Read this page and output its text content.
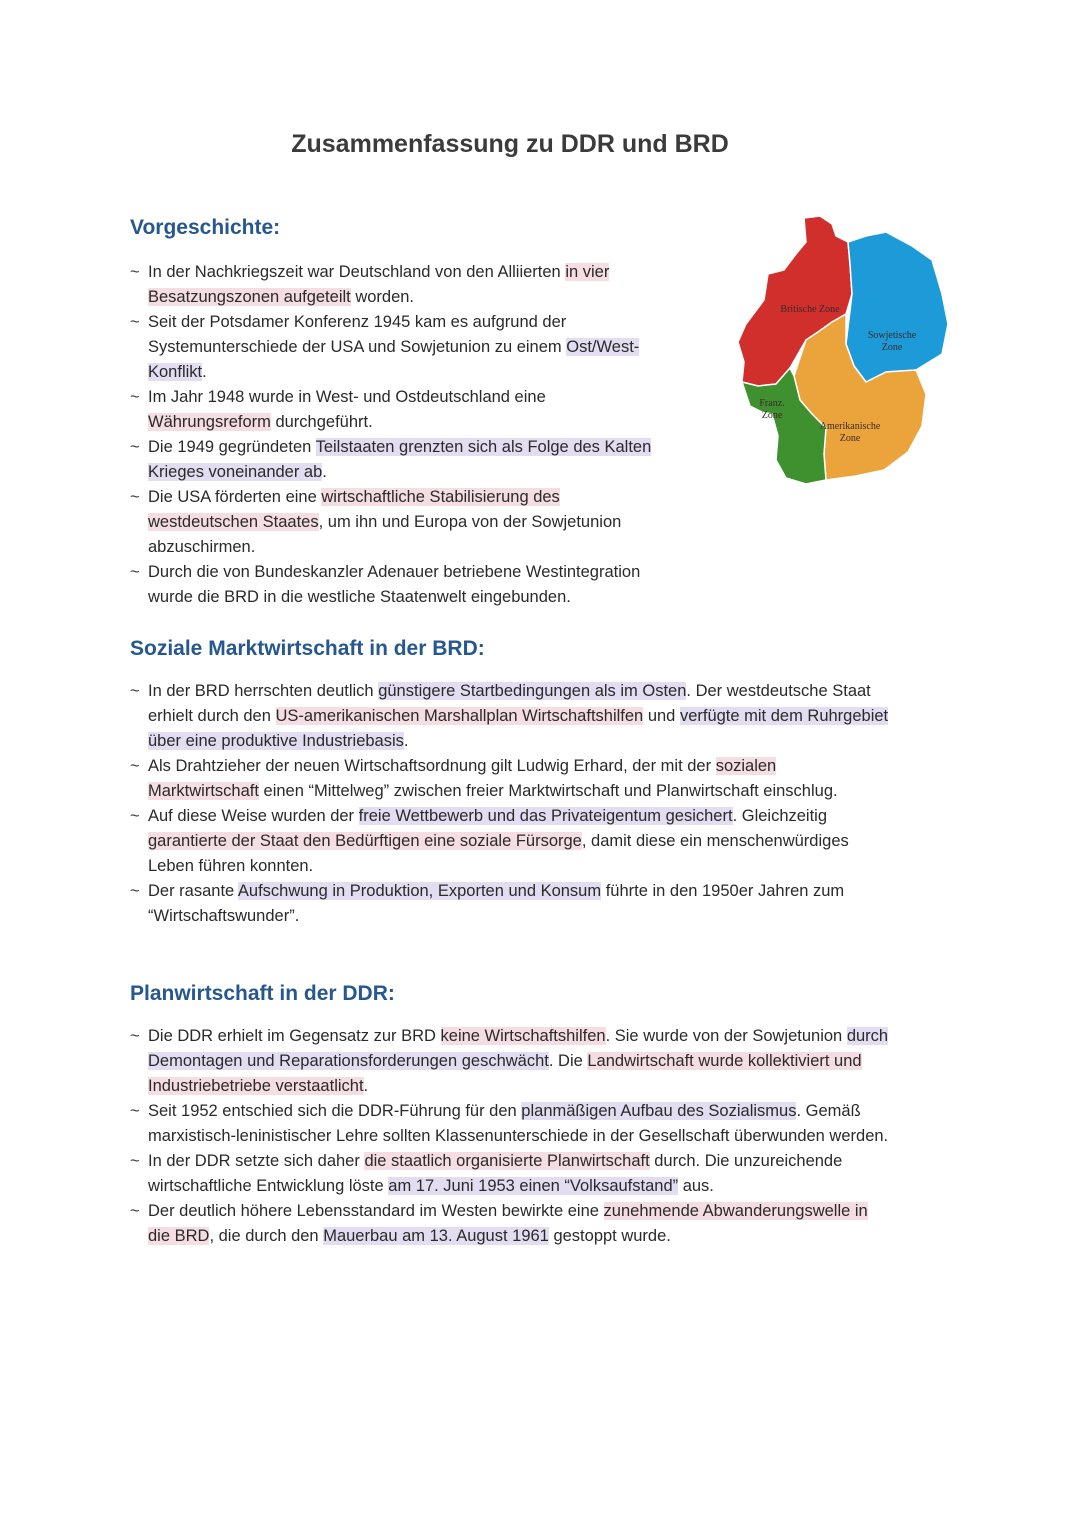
Zusammenfassung zu DDR und BRD
Vorgeschichte:
~ In der Nachkriegszeit war Deutschland von den Alliierten in vier Besatzungszonen aufgeteilt worden.
~ Seit der Potsdamer Konferenz 1945 kam es aufgrund der Systemunterschiede der USA und Sowjetunion zu einem Ost/West-Konflikt.
~ Im Jahr 1948 wurde in West- und Ostdeutschland eine Währungsreform durchgeführt.
~ Die 1949 gegründeten Teilstaaten grenzten sich als Folge des Kalten Krieges voneinander ab.
~ Die USA förderten eine wirtschaftliche Stabilisierung des westdeutschen Staates, um ihn und Europa von der Sowjetunion abzuschirmen.
~ Durch die von Bundeskanzler Adenauer betriebene Westintegration wurde die BRD in die westliche Staatenwelt eingebunden.
Soziale Marktwirtschaft in der BRD:
~ In der BRD herrschten deutlich günstigere Startbedingungen als im Osten. Der westdeutsche Staat erhielt durch den US-amerikanischen Marshallplan Wirtschaftshilfen und verfügte mit dem Ruhrgebiet über eine produktive Industriebasis.
~ Als Drahtzieher der neuen Wirtschaftsordnung gilt Ludwig Erhard, der mit der sozialen Marktwirtschaft einen “Mittelweg” zwischen freier Marktwirtschaft und Planwirtschaft einschlug.
~ Auf diese Weise wurden der freie Wettbewerb und das Privateigentum gesichert. Gleichzeitig garantierte der Staat den Bedürftigen eine soziale Fürsorge, damit diese ein menschenwürdiges Leben führen konnten.
~ Der rasante Aufschwung in Produktion, Exporten und Konsum führte in den 1950er Jahren zum “Wirtschaftswunder”.
Planwirtschaft in der DDR:
~ Die DDR erhielt im Gegensatz zur BRD keine Wirtschaftshilfen. Sie wurde von der Sowjetunion durch Demontagen und Reparationsforderungen geschwächt. Die Landwirtschaft wurde kollektiviert und Industriebetriebe verstaatlicht.
~ Seit 1952 entschied sich die DDR-Führung für den planmäßigen Aufbau des Sozialismus. Gemäß marxistisch-leninistischer Lehre sollten Klassenunterschiede in der Gesellschaft überwunden werden.
~ In der DDR setzte sich daher die staatlich organisierte Planwirtschaft durch. Die unzureichende wirtschaftliche Entwicklung löste am 17. Juni 1953 einen “Volksaufstand” aus.
~ Der deutlich höhere Lebensstandard im Westen bewirkte eine zunehmende Abwanderungswelle in die BRD, die durch den Mauerbau am 13. August 1961 gestoppt wurde.
Britische Zone
Sowjetische
Zone
Franz.
Zone
Amerikanische
Zone
